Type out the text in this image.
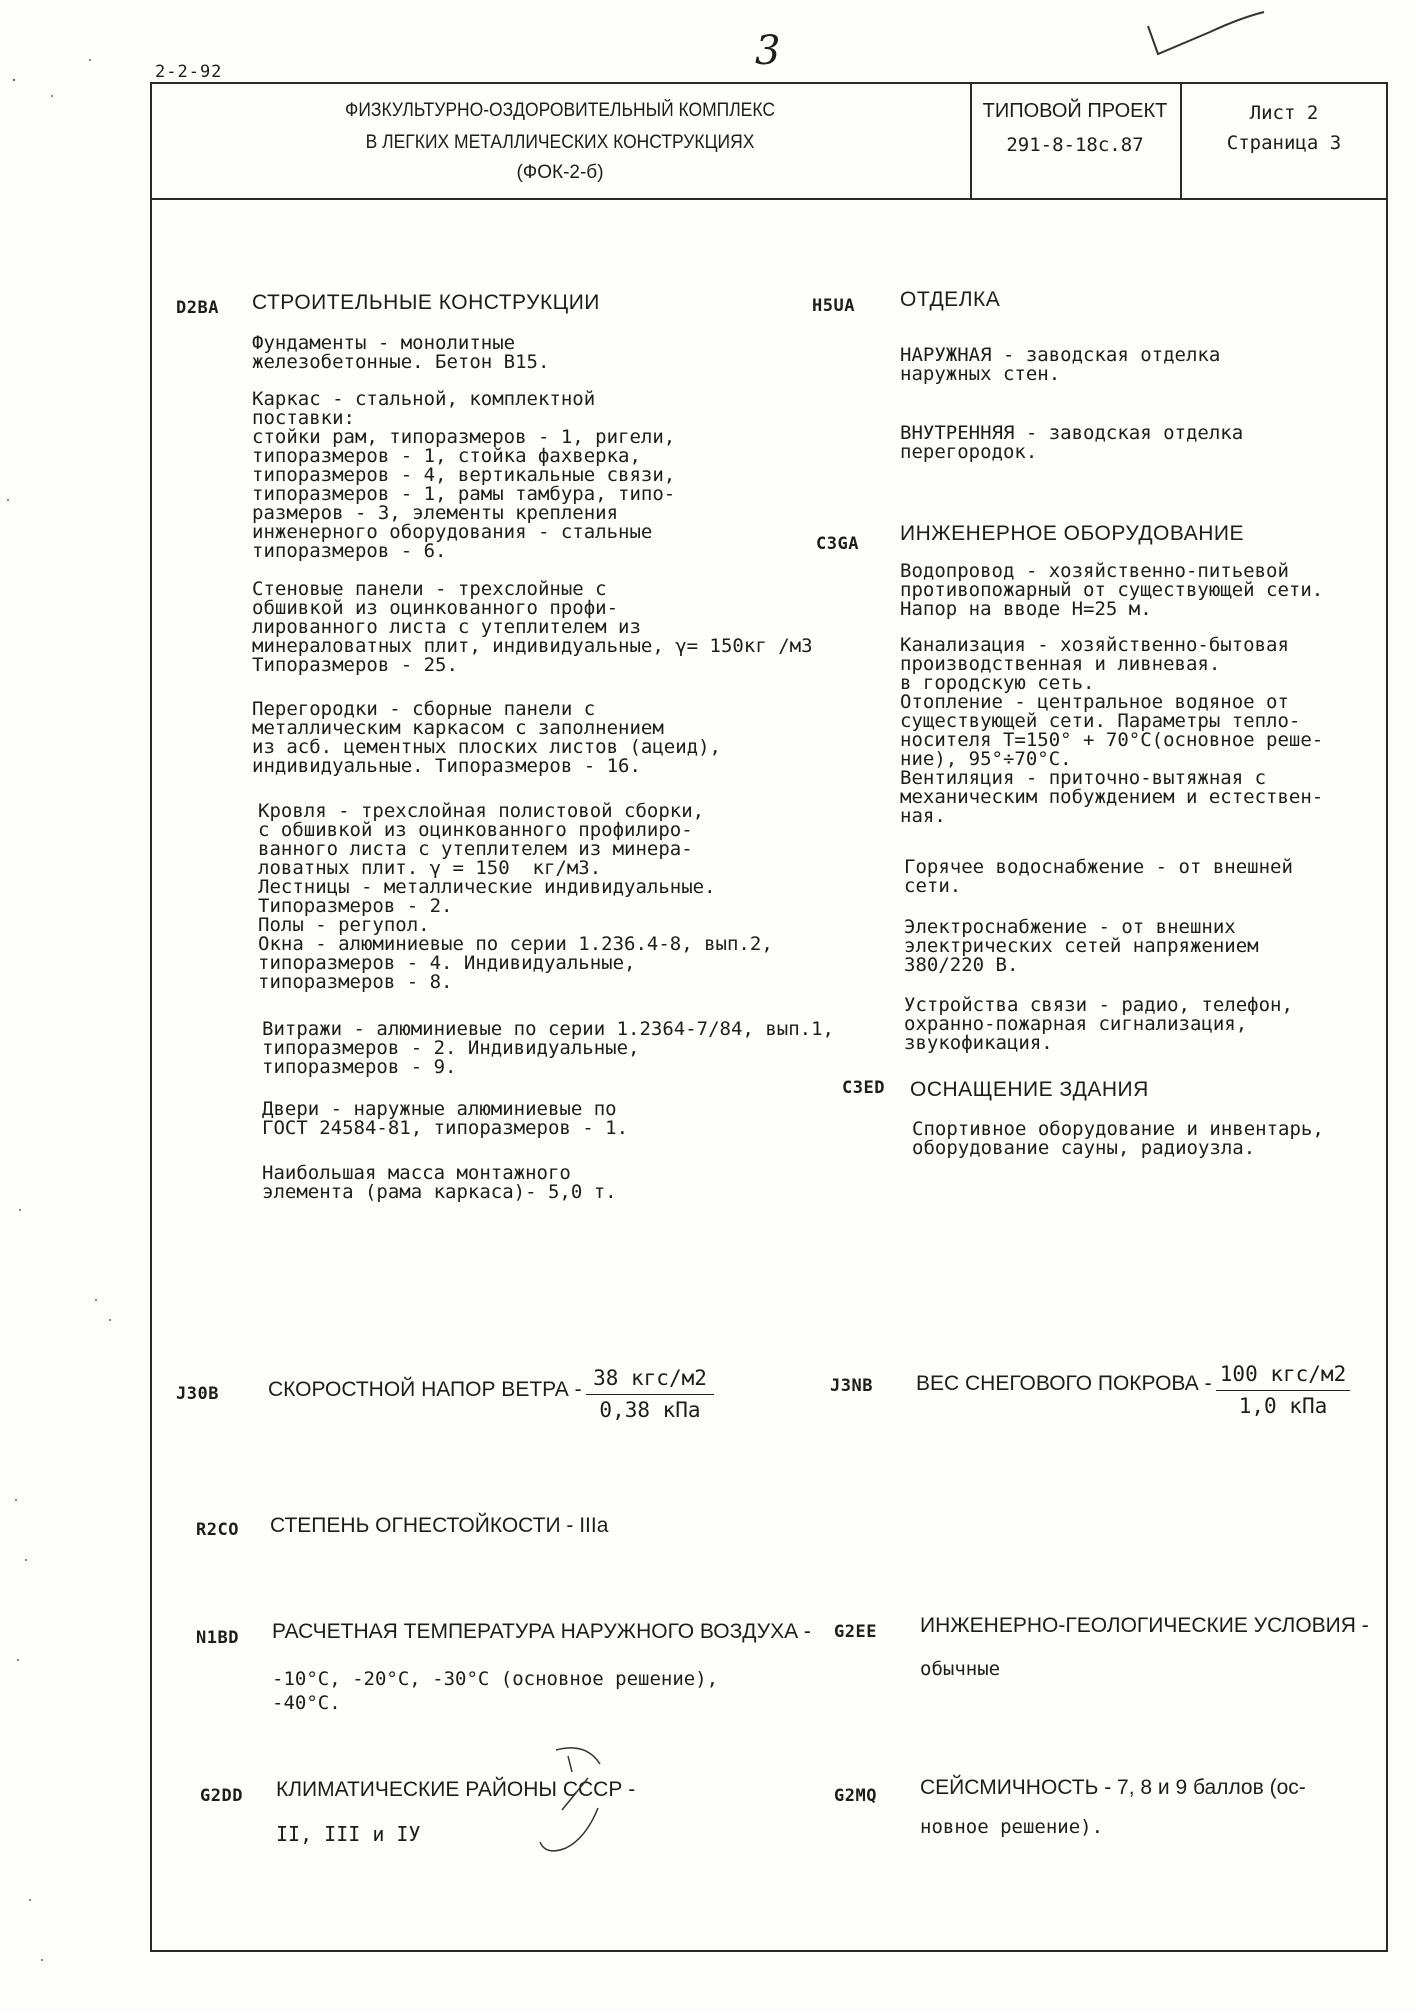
2-2-92	3
ФИЗКУЛЬТУРНО-ОЗДОРОВИТЕЛЬНЫЙ КОМПЛЕКС
В ЛЕГКИХ МЕТАЛЛИЧЕСКИХ КОНСТРУКЦИЯХ
(ФОК-2-б)
ТИПОВОЙ ПРОЕКТ
291-8-18с.87
Лист 2
Страница 3
D2BA СТРОИТЕЛЬНЫЕ КОНСТРУКЦИИ
Фундаменты - монолитные
железобетонные. Бетон В15.
Каркас - стальной, комплектной
поставки:
стойки рам, типоразмеров - 1, ригели,
типоразмеров - 1, стойка фахверка,
типоразмеров - 4, вертикальные связи,
типоразмеров - 1, рамы тамбура, типо-
размеров - 3, элементы крепления
инженерного оборудования - стальные
типоразмеров - 6.
Стеновые панели - трехслойные с
обшивкой из оцинкованного профи-
лированного листа с утеплителем из
минераловатных плит, индивидуальные, γ= 150кг /м3
Типоразмеров - 25.
Перегородки - сборные панели с
металлическим каркасом с заполнением
из асб. цементных плоских листов (ацеид),
индивидуальные. Типоразмеров - 16.
Кровля - трехслойная полистовой сборки,
с обшивкой из оцинкованного профилиро-
ванного листа с утеплителем из минера-
ловатных плит. γ = 150  кг/м3.
Лестницы - металлические индивидуальные.
Типоразмеров - 2.
Полы - регупол.
Окна - алюминиевые по серии 1.236.4-8, вып.2,
типоразмеров - 4. Индивидуальные,
типоразмеров - 8.
Витражи - алюминиевые по серии 1.2364-7/84, вып.1,
типоразмеров - 2. Индивидуальные,
типоразмеров - 9.
Двери - наружные алюминиевые по
ГОСТ 24584-81, типоразмеров - 1.
Наибольшая масса монтажного
элемента (рама каркаса)- 5,0 т.
H5UA ОТДЕЛКА
НАРУЖНАЯ - заводская отделка
наружных стен.
ВНУТРЕННЯЯ - заводская отделка
перегородок.
C3GA ИНЖЕНЕРНОЕ ОБОРУДОВАНИЕ
Водопровод - хозяйственно-питьевой
противопожарный от существующей сети.
Напор на вводе Н=25 м.
Канализация - хозяйственно-бытовая
производственная и ливневая.
в городскую сеть.
Отопление - центральное водяное от
существующей сети. Параметры тепло-
носителя T=150° + 70°С(основное реше-
ние), 95°÷70°С.
Вентиляция - приточно-вытяжная с
механическим побуждением и естествен-
ная.
Горячее водоснабжение - от внешней
сети.
Электроснабжение - от внешних
электрических сетей напряжением
380/220 В.
Устройства связи - радио, телефон,
охранно-пожарная сигнализация,
звукофикация.
C3ED ОСНАЩЕНИЕ ЗДАНИЯ
Спортивное оборудование и инвентарь,
оборудование сауны, радиоузла.
J30B СКОРОСТНОЙ НАПОР ВЕТРА - 38 кгс/м2
0,38 кПа
J3NB ВЕС СНЕГОВОГО ПОКРОВА - 100 кгс/м2
1,0 кПа
R2CO СТЕПЕНЬ ОГНЕСТОЙКОСТИ - IIIа
N1BD РАСЧЕТНАЯ ТЕМПЕРАТУРА НАРУЖНОГО ВОЗДУХА -
-10°С, -20°С, -30°С (основное решение),
-40°С.
G2EE ИНЖЕНЕРНО-ГЕОЛОГИЧЕСКИЕ УСЛОВИЯ -
обычные
G2DD КЛИМАТИЧЕСКИЕ РАЙОНЫ СССР -
II, III и IУ
G2MQ СЕЙСМИЧНОСТЬ - 7, 8 и 9 баллов (ос-
новное решение).
